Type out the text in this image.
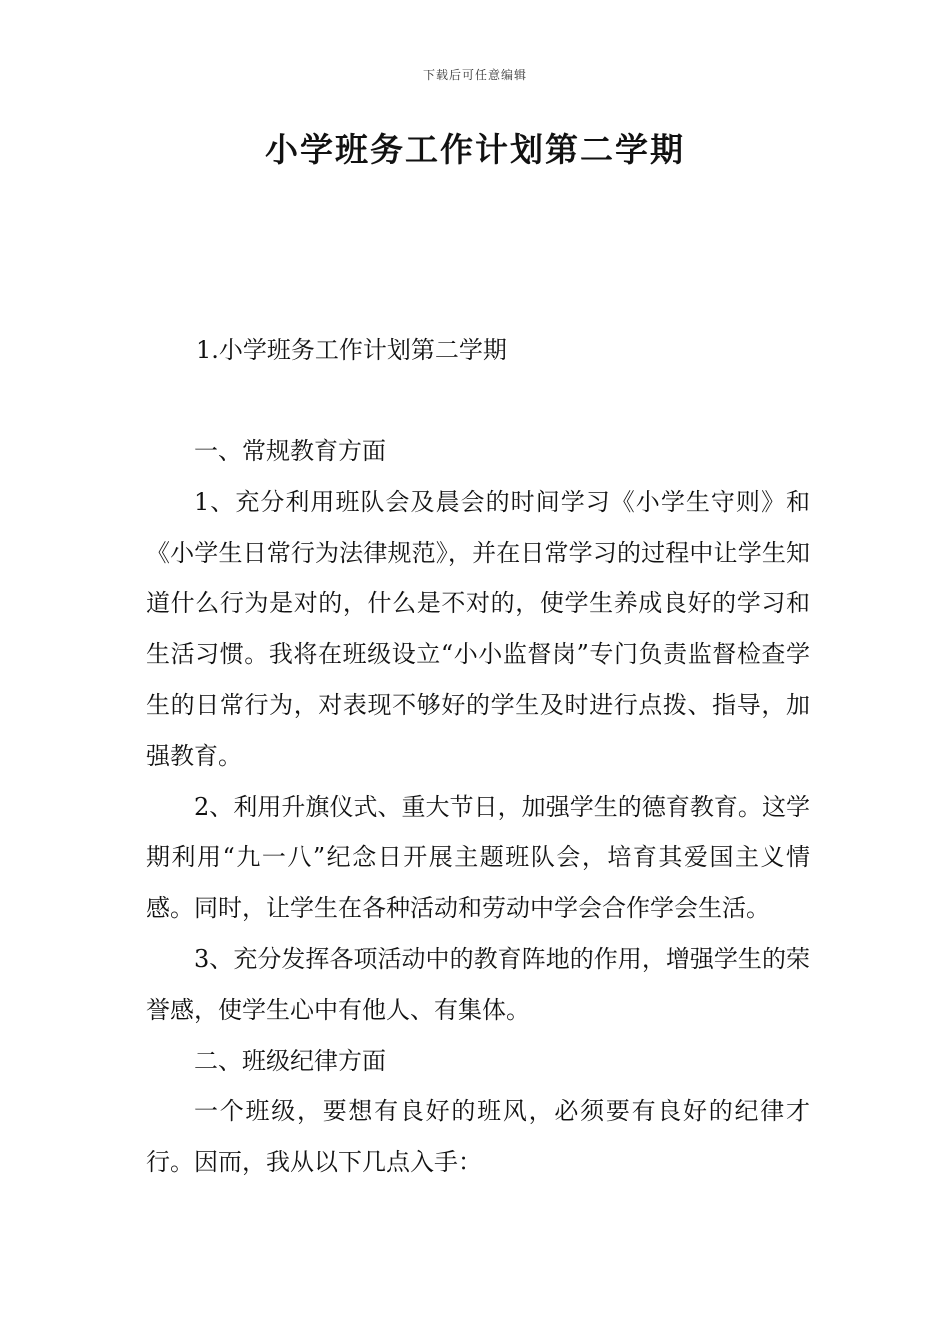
下载后可任意编辑
小学班务工作计划第二学期
1.小学班务工作计划第二学期

一、常规教育方面

1、充分利用班队会及晨会的时间学习《小学生守则》和《小学生日常行为法律规范》，并在日常学习的过程中让学生知道什么行为是对的，什么是不对的，使学生养成良好的学习和生活习惯。我将在班级设立“小小监督岗”专门负责监督检查学生的日常行为，对表现不够好的学生及时进行点拨、指导，加强教育。

2、利用升旗仪式、重大节日，加强学生的德育教育。这学期利用“九一八”纪念日开展主题班队会，培育其爱国主义情感。同时，让学生在各种活动和劳动中学会合作学会生活。

3、充分发挥各项活动中的教育阵地的作用，增强学生的荣誉感，使学生心中有他人、有集体。

二、班级纪律方面

一个班级，要想有良好的班风，必须要有良好的纪律才行。因而，我从以下几点入手：
